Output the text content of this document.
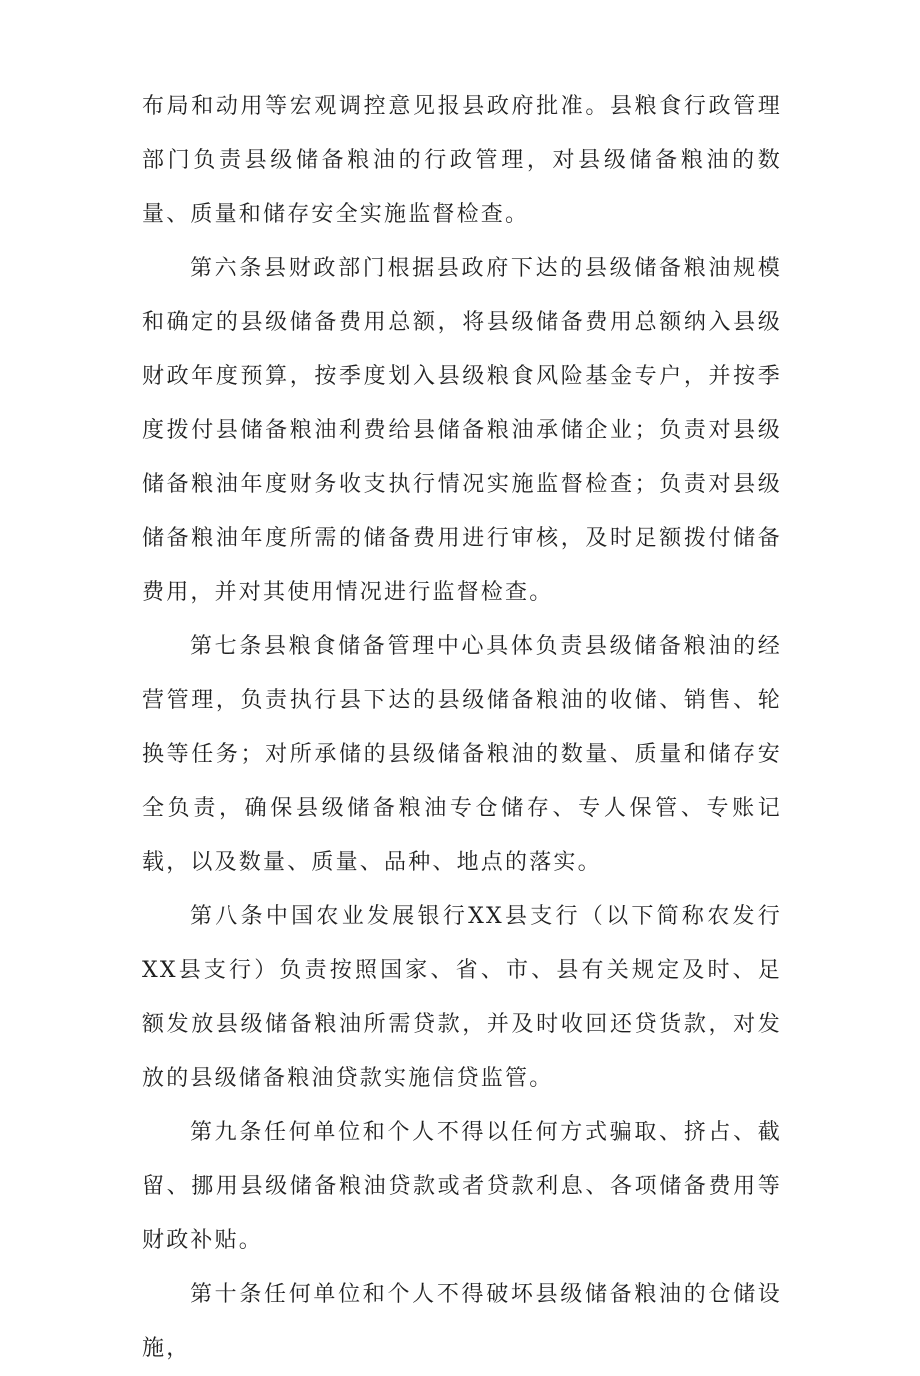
布局和动用等宏观调控意见报县政府批准。县粮食行政管理部门负责县级储备粮油的行政管理，对县级储备粮油的数量、质量和储存安全实施监督检查。

第六条县财政部门根据县政府下达的县级储备粮油规模和确定的县级储备费用总额，将县级储备费用总额纳入县级财政年度预算，按季度划入县级粮食风险基金专户，并按季度拨付县储备粮油利费给县储备粮油承储企业；负责对县级储备粮油年度财务收支执行情况实施监督检查；负责对县级储备粮油年度所需的储备费用进行审核，及时足额拨付储备费用，并对其使用情况进行监督检查。

第七条县粮食储备管理中心具体负责县级储备粮油的经营管理，负责执行县下达的县级储备粮油的收储、销售、轮换等任务；对所承储的县级储备粮油的数量、质量和储存安全负责，确保县级储备粮油专仓储存、专人保管、专账记载，以及数量、质量、品种、地点的落实。

第八条中国农业发展银行XX县支行（以下简称农发行XX县支行）负责按照国家、省、市、县有关规定及时、足额发放县级储备粮油所需贷款，并及时收回还贷货款，对发放的县级储备粮油贷款实施信贷监管。

第九条任何单位和个人不得以任何方式骗取、挤占、截留、挪用县级储备粮油贷款或者贷款利息、各项储备费用等财政补贴。

第十条任何单位和个人不得破坏县级储备粮油的仓储设施，
